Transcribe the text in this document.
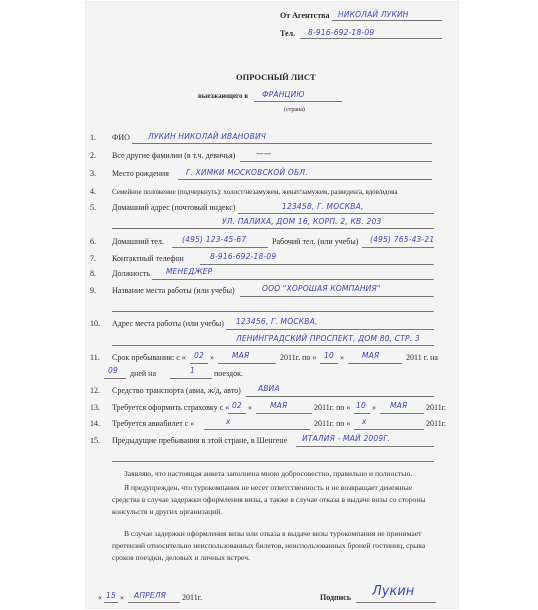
От Агентства НИКОЛАЙ ЛУКИН
Тел. 8-916-692-18-09
ОПРОСНЫЙ ЛИСТ
выезжающего в ФРАНЦИЮ
(страна)
1. ФИО ЛУКИН НИКОЛАЙ ИВАНОВИЧ
2. Все другие фамилии (в т.ч. девичья)	——
3. Место рождения Г. ХИМКИ МОСКОВСКОЙ ОБЛ.
4. Семейное положение (подчеркнуть): холост/незамужем, женат/замужем, разведен/а, вдов/вдова
5. Домашний адрес (почтовый индекс)	123458, Г. МОСКВА,
УЛ. ПАЛИХА, ДОМ 16, КОРП. 2, КВ. 203
6. Домашний тел. (495) 123-45-67	Рабочий тел. (или учебы) (495) 765-43-21
7. Контактный телефон	8-916-692-18-09
8. Должность МЕНЕДЖЕР
9. Название места работы (или учебы)	ООО "ХОРОШАЯ КОМПАНИЯ"
10. Адрес места работы (или учебы) 123456, Г. МОСКВА,
ЛЕНИНГРАДСКИЙ ПРОСПЕКТ, ДОМ 80, СТР. 3
11. Срок пребывания: с « 02 » МАЯ	2011г. по « 10 » МАЯ	2011 г. на
09 дней на	1 поездок.
12. Средство транспорта (авиа, ж/д, авто) АВИА
13. Требуется оформить страховку с « 02 » МАЯ	2011г. по « 10 » МАЯ 2011г.
14. Требуется авиабилет с «	х	2011г. по « х	2011г.
15. Предыдущие пребывания в этой стране, в Шенгене ИТАЛИЯ - МАЙ 2009Г.
Заявляю, что настоящая анкета заполнена мною добросовестно, правильно и полностью.
Я предупрежден, что турокомпания не несет ответственность и не возвращает денежные средства в случае задержки оформления визы, а также в случае отказа в выдаче визы со стороны консульств и других организаций.
В случае задержки оформления визы или отказа в выдаче визы турокомпания не принимает претензий относительно неиспользованных билетов, неиспользованных броней гостиниц, срыва сроков поездки, деловых и личных встреч.
« 15 » АПРЕЛЯ 2011г.	Подпись Лукин
